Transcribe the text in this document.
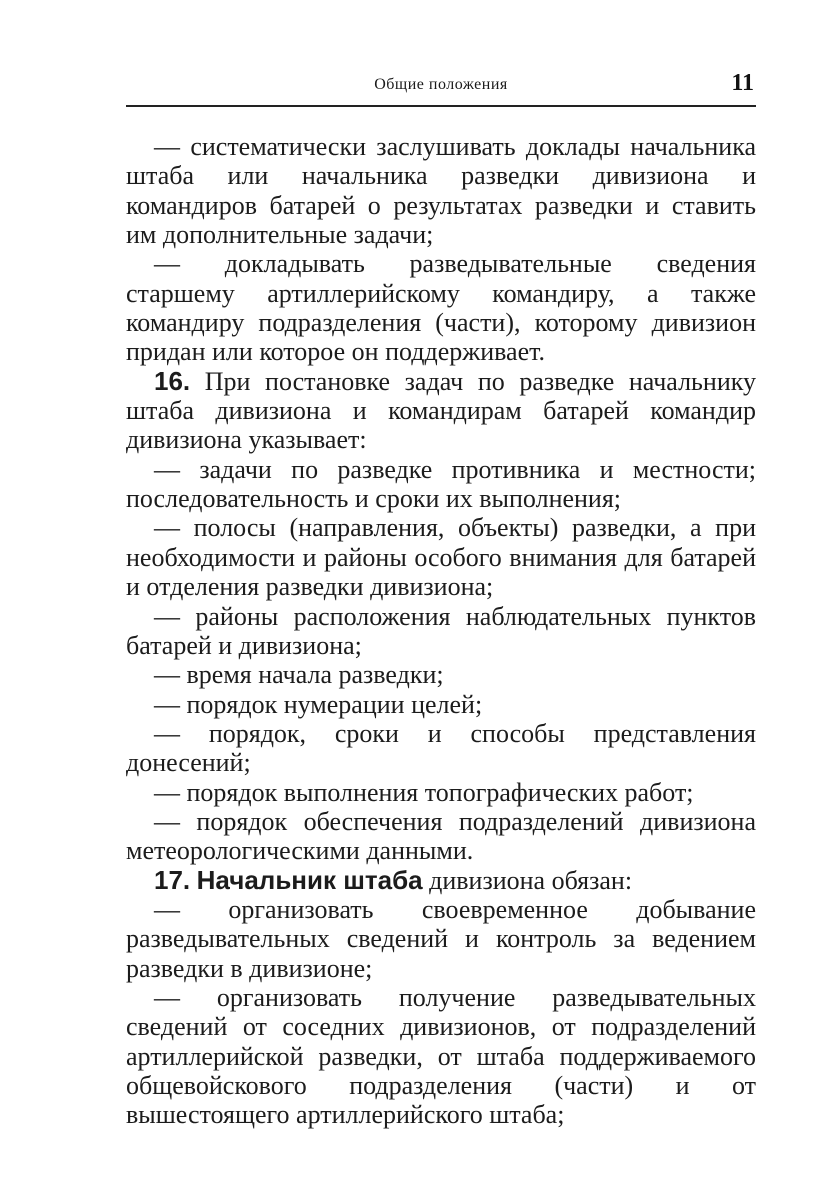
Общие положения	11

— систематически заслушивать доклады начальника штаба или начальника разведки дивизиона и командиров батарей о результатах разведки и ставить им дополнительные задачи;

— докладывать разведывательные сведения старшему артиллерийскому командиру, а также командиру подразделения (части), которому дивизион придан или которое он поддерживает.

16. При постановке задач по разведке начальнику штаба дивизиона и командирам батарей командир дивизиона указывает:

— задачи по разведке противника и местности; последовательность и сроки их выполнения;

— полосы (направления, объекты) разведки, а при необходимости и районы особого внимания для батарей и отделения разведки дивизиона;

— районы расположения наблюдательных пунктов батарей и дивизиона;

— время начала разведки;

— порядок нумерации целей;

— порядок, сроки и способы представления донесений;

— порядок выполнения топографических работ;

— порядок обеспечения подразделений дивизиона метеорологическими данными.

17. Начальник штаба дивизиона обязан:

— организовать своевременное добывание разведывательных сведений и контроль за ведением разведки в дивизионе;

— организовать получение разведывательных сведений от соседних дивизионов, от подразделений артиллерийской разведки, от штаба поддерживаемого общевойскового подразделения (части) и от вышестоящего артиллерийского штаба;
